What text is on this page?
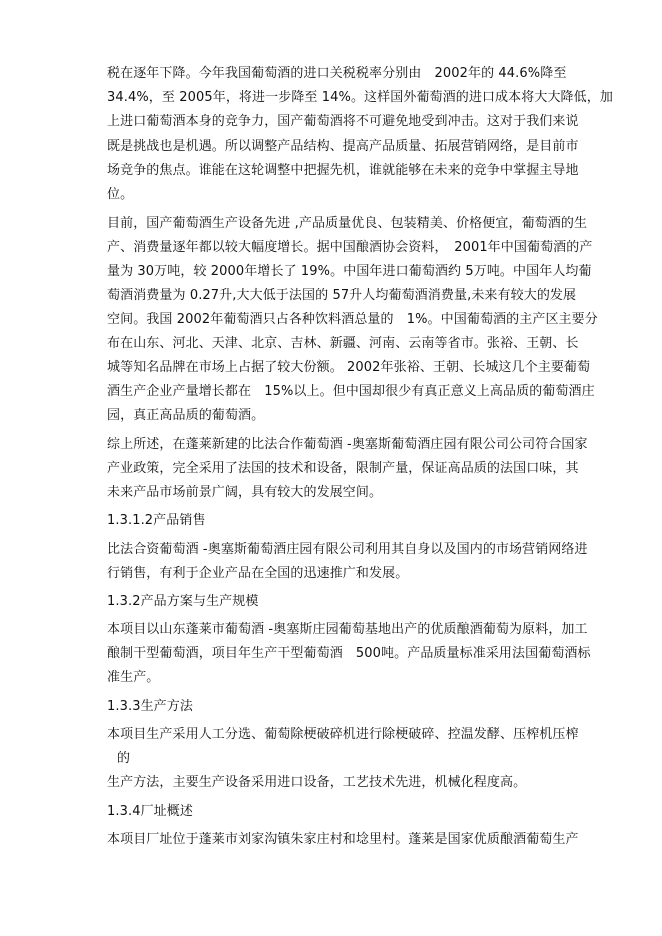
税在逐年下降。今年我国葡萄酒的进口关税税率分别由　2002年的 44.6%降至
34.4%，至 2005年，将进一步降至 14%。这样国外葡萄酒的进口成本将大大降低，加
上进口葡萄酒本身的竞争力，国产葡萄酒将不可避免地受到冲击。这对于我们来说
既是挑战也是机遇。所以调整产品结构、提高产品质量、拓展营销网络，是目前市
场竞争的焦点。谁能在这轮调整中把握先机，谁就能够在未来的竞争中掌握主导地
位。
目前，国产葡萄酒生产设备先进 ,产品质量优良、包装精美、价格便宜，葡萄酒的生
产、消费量逐年都以较大幅度增长。据中国酿酒协会资料，　2001年中国葡萄酒的产
量为 30万吨，较 2000年增长了 19%。中国年进口葡萄酒约 5万吨。中国年人均葡
萄酒消费量为 0.27升,大大低于法国的 57升人均葡萄酒消费量,未来有较大的发展
空间。我国 2002年葡萄酒只占各种饮料酒总量的　1%。中国葡萄酒的主产区主要分
布在山东、河北、天津、北京、吉林、新疆、河南、云南等省市。张裕、王朝、长
城等知名品牌在市场上占据了较大份额。 2002年张裕、王朝、长城这几个主要葡萄
酒生产企业产量增长都在　15%以上。但中国却很少有真正意义上高品质的葡萄酒庄
园，真正高品质的葡萄酒。
综上所述，在蓬莱新建的比法合作葡萄酒 -奥塞斯葡萄酒庄园有限公司公司符合国家
产业政策，完全采用了法国的技术和设备，限制产量，保证高品质的法国口味，其
未来产品市场前景广阔，具有较大的发展空间。
1.3.1.2产品销售
比法合资葡萄酒 -奥塞斯葡萄酒庄园有限公司利用其自身以及国内的市场营销网络进
行销售，有利于企业产品在全国的迅速推广和发展。
1.3.2产品方案与生产规模
本项目以山东蓬莱市葡萄酒 -奥塞斯庄园葡萄基地出产的优质酿酒葡萄为原料，加工
酿制干型葡萄酒，项目年生产干型葡萄酒　500吨。产品质量标准采用法国葡萄酒标
准生产。
1.3.3生产方法
本项目生产采用人工分选、葡萄除梗破碎机进行除梗破碎、控温发酵、压榨机压榨
的
生产方法，主要生产设备采用进口设备，工艺技术先进，机械化程度高。
1.3.4厂址概述
本项目厂址位于蓬莱市刘家沟镇朱家庄村和埝里村。蓬莱是国家优质酿酒葡萄生产
